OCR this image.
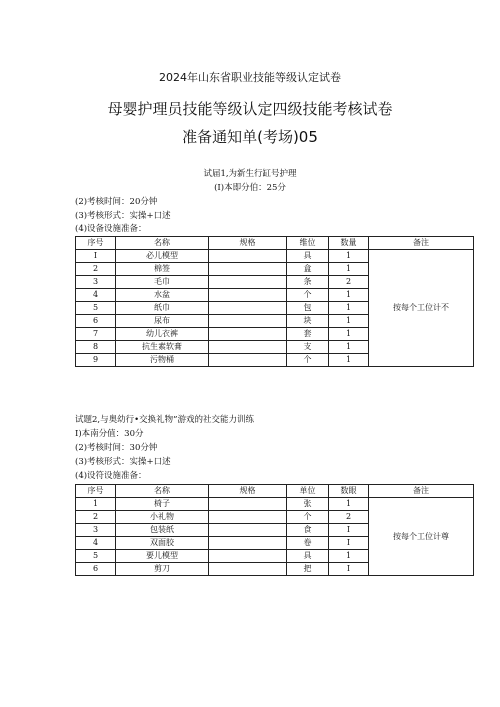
2024年山东省职业技能等级认定试卷
母婴护理员技能等级认定四级技能考核试卷
准备通知单(考场)05
试届1,为新生行缸号护理
(I)本即分伯：25分
(2)考核时间：20分钟
(3)考核形式：实操+口述
(4)设备设施准备：
序号	名称	规格	维位	数量	备注
I	必儿模型		具	1	按每个工位计不
2	棉签		盒	1	
3	毛巾		条	2	
4	水盆		个	1	
5	纸巾		包	1	
6	尿布		块	1	
7	幼儿衣裤		套	1	
8	抗生素软膏		支	1	
9	污物桶		个	1	
试题2,与奥幼行•交换礼物”游戏的社交能力训练
I)本南分值：30分
(2)考核时间：30分钟
(3)考核形式：实操+口述
(4)设符设施准备：
序号	名称	规格	单位	数眼	备注
1	椅子		张	1	按每个工位计尊
2	小礼物		个	2	
3	包装纸		食	I	
4	双面胶		卷	I	
5	要儿模型		具	1	
6	剪刀		把	I	
